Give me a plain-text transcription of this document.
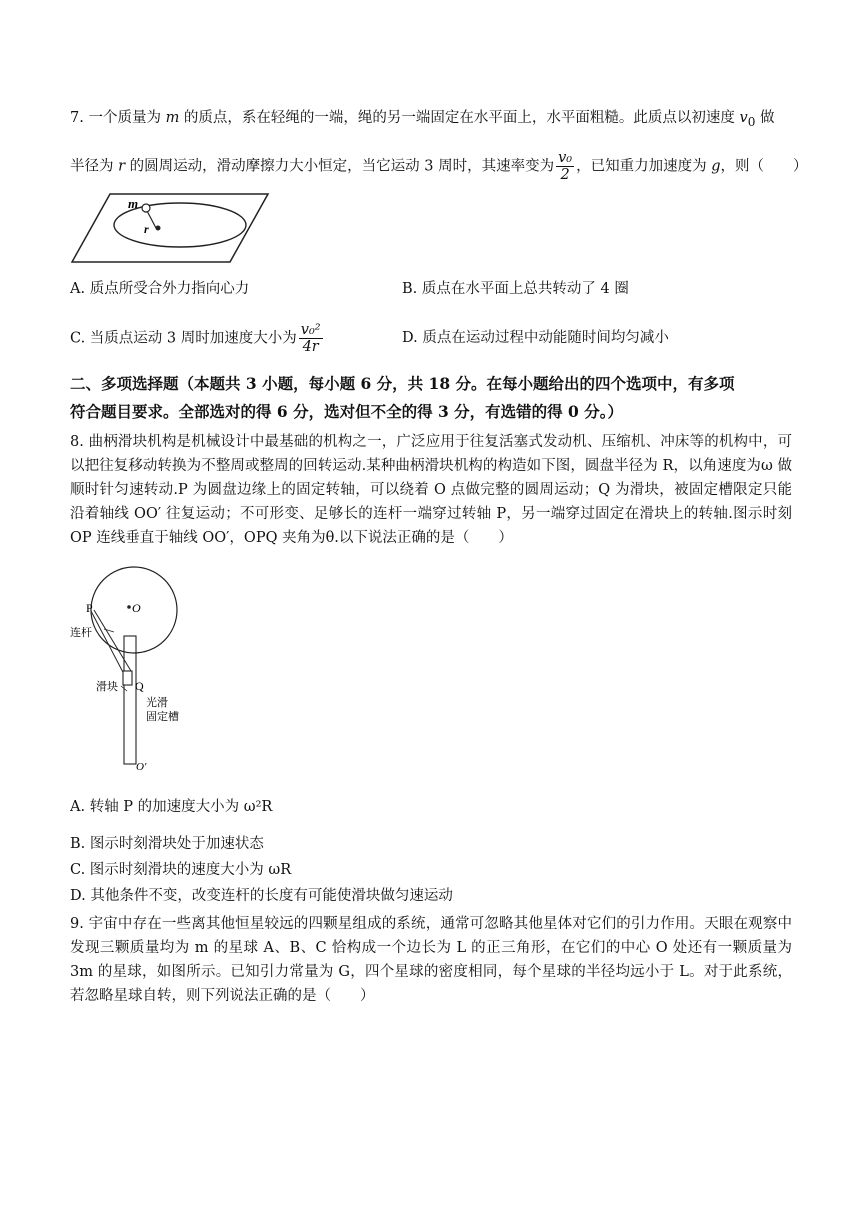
7. 一个质量为 m 的质点，系在轻绳的一端，绳的另一端固定在水平面上，水平面粗糙。此质点以初速度 $v_0$ 做
半径为 r 的圆周运动，滑动摩擦力大小恒定，当它运动 3 周时，其速率变为 $\frac{\text{v₀}}{2}$ ，已知重力加速度为 g，则（　　）
m
r
A. 质点所受合外力指向心力	B. 质点在水平面上总共转动了 4 圈
C. 当质点运动 3 周时加速度大小为 $\frac{\text{v₀²}}{4r}$	D. 质点在运动过程中动能随时间均匀减小
二、多项选择题（本题共 3 小题，每小题 6 分，共 18 分。在每小题给出的四个选项中，有多项
符合题目要求。全部选对的得 6 分，选对但不全的得 3 分，有选错的得 0 分。）
8. 曲柄滑块机构是机械设计中最基础的机构之一，广泛应用于往复活塞式发动机、压缩机、冲床等的机构中，可以把往复移动转换为不整周或整周的回转运动.某种曲柄滑块机构的构造如下图，圆盘半径为 R，以角速度为ω 做顺时针匀速转动.P 为圆盘边缘上的固定转轴，可以绕着 O 点做完整的圆周运动；Q 为滑块，被固定槽限定只能沿着轴线 OO′ 往复运动；不可形变、足够长的连杆一端穿过转轴 P，另一端穿过固定在滑块上的转轴.图示时刻 OP 连线垂直于轴线 OO′，OPQ 夹角为θ.以下说法正确的是（　　）
P	O
连杆
滑块 Q
光滑
固定槽
O′
A. 转轴 P 的加速度大小为 ω²R
B. 图示时刻滑块处于加速状态
C. 图示时刻滑块的速度大小为 ωR
D. 其他条件不变，改变连杆的长度有可能使滑块做匀速运动
9. 宇宙中存在一些离其他恒星较远的四颗星组成的系统，通常可忽略其他星体对它们的引力作用。天眼在观察中发现三颗质量均为 m 的星球 A、B、C 恰构成一个边长为 L 的正三角形，在它们的中心 O 处还有一颗质量为 3m 的星球，如图所示。已知引力常量为 G，四个星球的密度相同，每个星球的半径均远小于 L。对于此系统，若忽略星球自转，则下列说法正确的是（　　）
